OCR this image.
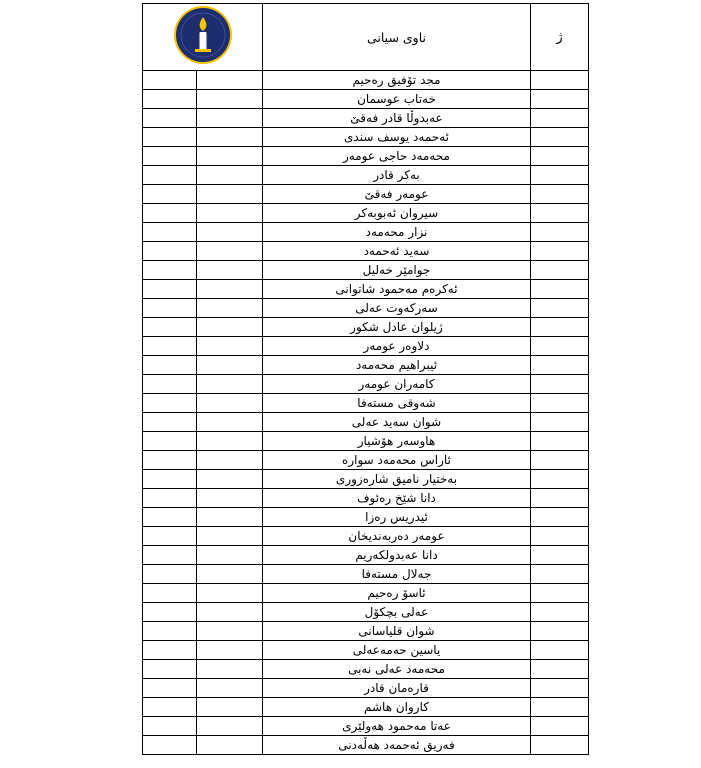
	ناوی سیانی	ژ
		مجد تۆفیق رەحیم	
		خەتاب عوسمان	
		عەبدوڵا قادر فەقێ	
		ئەحمەد یوسف سندی	
		محەمەد حاجی عومەر	
		بەکر قادر	
		عومەر فەقێ	
		سیروان ئەبوبەکر	
		نزار محەمەد	
		سەید ئەحمەد	
		جوامێر خەلیل	
		ئەکرەم مەحمود شاتوانی	
		سەرکەوت عەلی	
		ژیلوان عادل شکور	
		دلاوەر عومەر	
		ئیبراهیم محەمەد	
		کامەران عومەر	
		شەوقی مستەفا	
		شوان سەید عەلی	
		هاوسەر هۆشیار	
		ئاراس محەمەد سوارە	
		بەختیار نامیق شارەزوری	
		دانا شێخ رەئوف	
		ئیدریس رەزا	
		عومەر دەربەندیخان	
		دانا عەبدولکەریم	
		جەلال مستەفا	
		ئاسۆ رەحیم	
		عەلی بچکۆل	
		شوان قلیاسانی	
		یاسین حەمەعەلی	
		محەمەد عەلی نەبی	
		قارەمان قادر	
		کاروان هاشم	
		عەتا مەحمود هەولێری	
		فەریق ئەحمەد هەڵەدنی	
